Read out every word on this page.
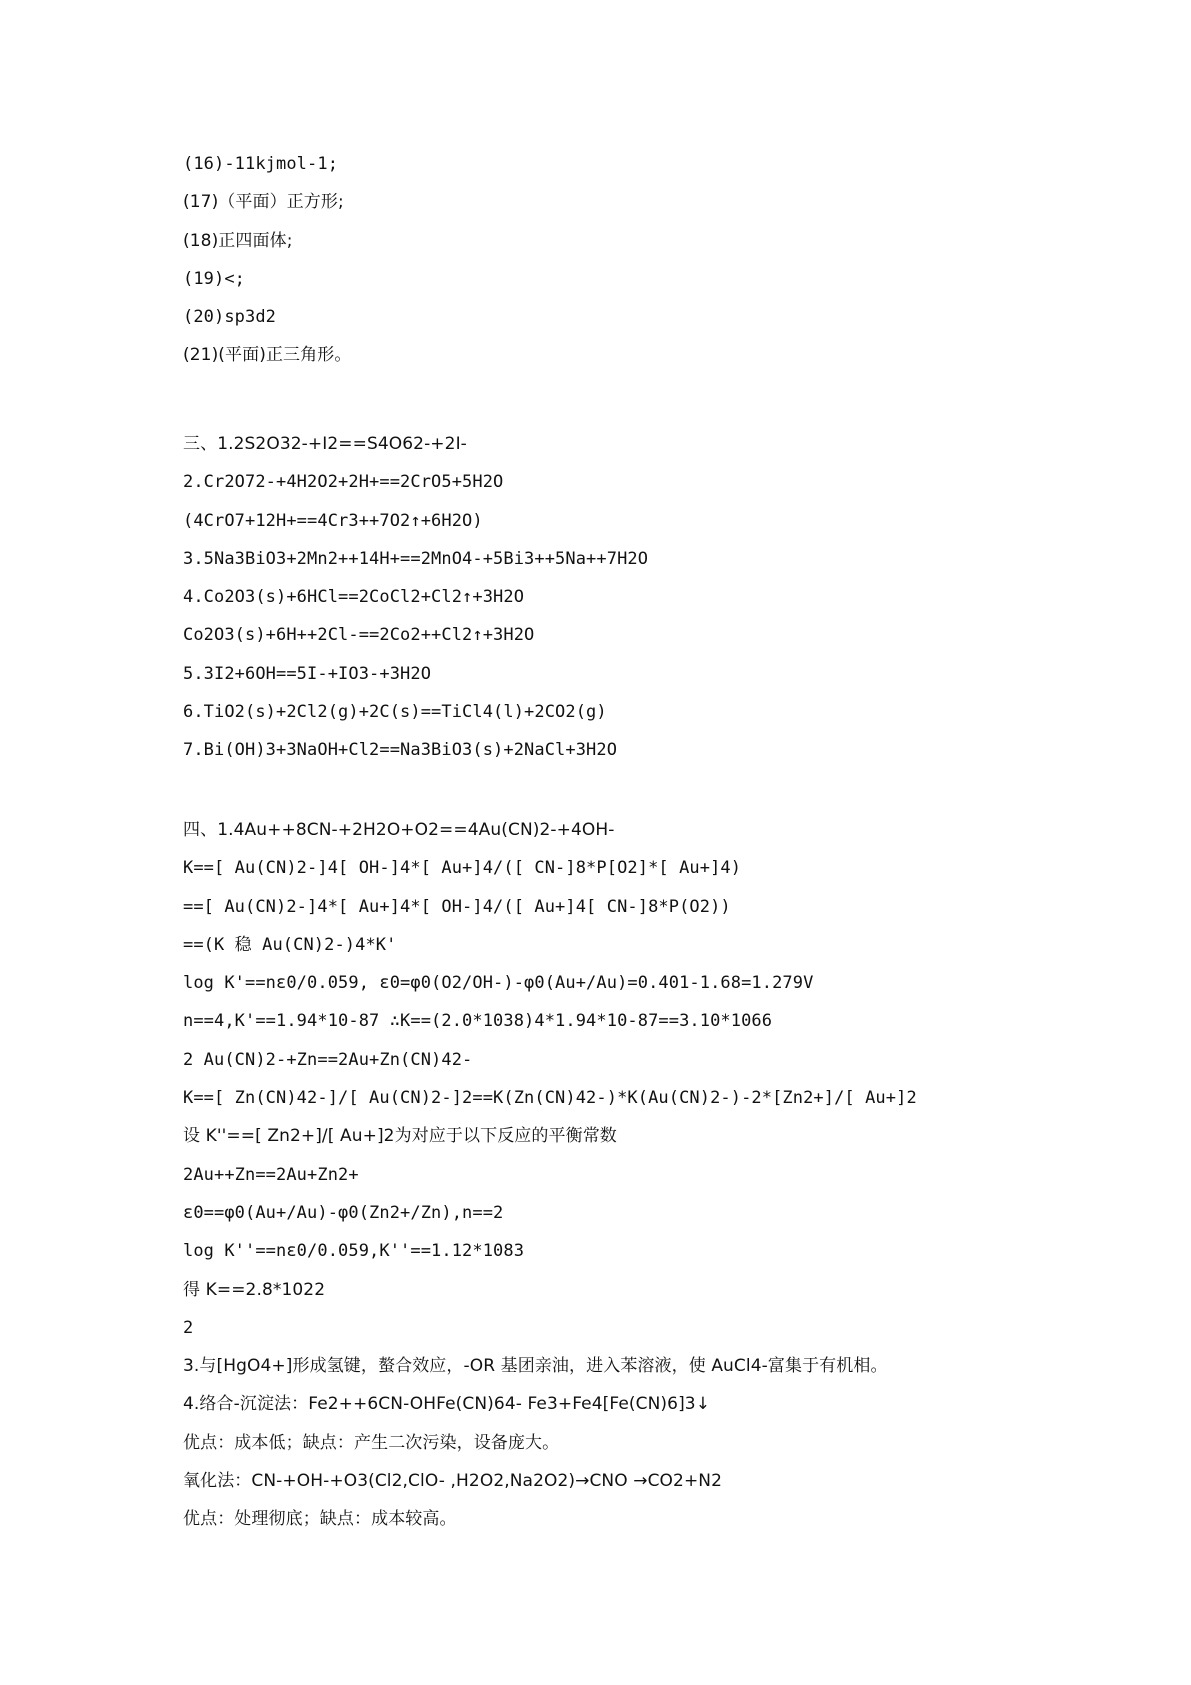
(16)-11kjmol-1;
(17)（平面）正方形;
(18)正四面体;
(19)<;
(20)sp3d2
(21)(平面)正三角形。
三、1.2S2O32-+I2==S4O62-+2I-
2.Cr2O72-+4H2O2+2H+==2CrO5+5H2O
(4CrO7+12H+==4Cr3++7O2↑+6H2O)
3.5Na3BiO3+2Mn2++14H+==2MnO4-+5Bi3++5Na++7H2O
4.Co2O3(s)+6HCl==2CoCl2+Cl2↑+3H2O
Co2O3(s)+6H++2Cl-==2Co2++Cl2↑+3H2O
5.3I2+6OH==5I-+IO3-+3H2O
6.TiO2(s)+2Cl2(g)+2C(s)==TiCl4(l)+2CO2(g)
7.Bi(OH)3+3NaOH+Cl2==Na3BiO3(s)+2NaCl+3H2O
四、1.4Au++8CN-+2H2O+O2==4Au(CN)2-+4OH-
K==[ Au(CN)2-]4[ OH-]4*[ Au+]4/([ CN-]8*P[O2]*[ Au+]4)
==[ Au(CN)2-]4*[ Au+]4*[ OH-]4/([ Au+]4[ CN-]8*P(O2))
==(K 稳 Au(CN)2-)4*K'
log K'==nε0/0.059, ε0=φ0(O2/OH-)-φ0(Au+/Au)=0.401-1.68=1.279V
n==4,K'==1.94*10-87 ∴K==(2.0*1038)4*1.94*10-87==3.10*1066
2 Au(CN)2-+Zn==2Au+Zn(CN)42-
K==[ Zn(CN)42-]/[ Au(CN)2-]2==K(Zn(CN)42-)*K(Au(CN)2-)-2*[Zn2+]/[ Au+]2
设 K''==[ Zn2+]/[ Au+]2为对应于以下反应的平衡常数
2Au++Zn==2Au+Zn2+
ε0==φ0(Au+/Au)-φ0(Zn2+/Zn),n==2
log K''==nε0/0.059,K''==1.12*1083
得 K==2.8*1022
2
3.与[HgO4+]形成氢键，螯合效应，-OR 基团亲油，进入苯溶液，使 AuCl4-富集于有机相。
4.络合-沉淀法：Fe2++6CN-OHFe(CN)64- Fe3+Fe4[Fe(CN)6]3↓
优点：成本低；缺点：产生二次污染，设备庞大。
氧化法：CN-+OH-+O3(Cl2,ClO- ,H2O2,Na2O2)→CNO →CO2+N2
优点：处理彻底；缺点：成本较高。
